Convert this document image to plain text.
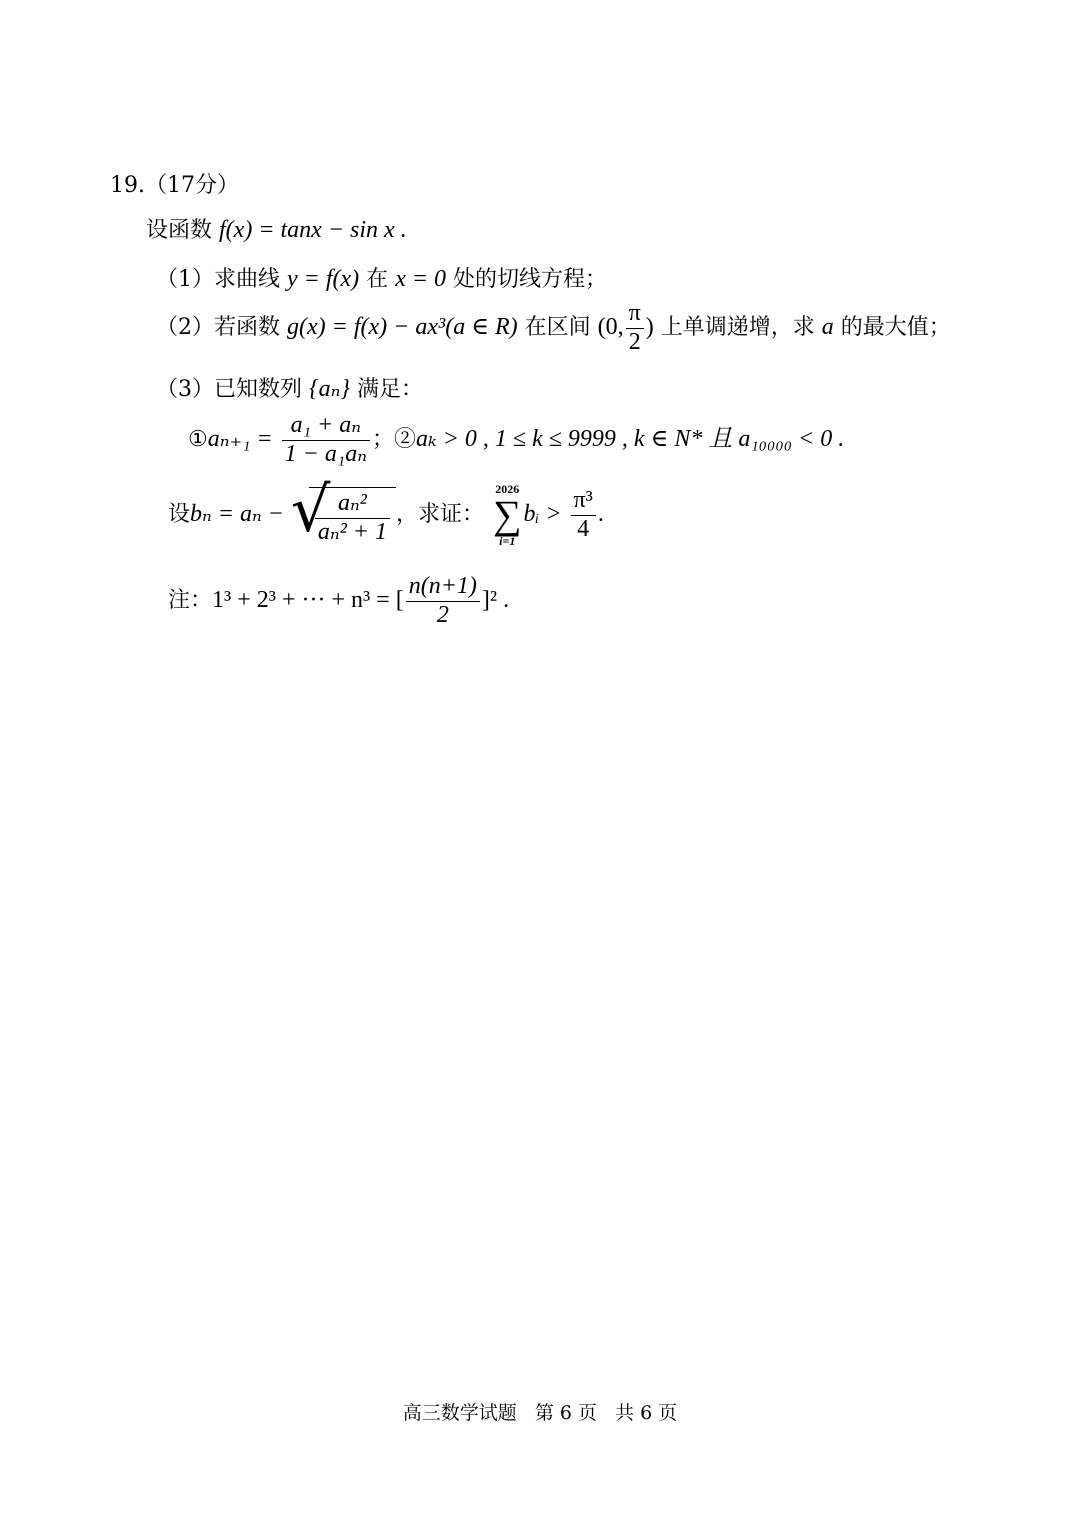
19.（17分）
设函数 f(x) = tanx − sin x .
（1）求曲线 y = f(x) 在 x = 0 处的切线方程；
（2）若函数 g(x) = f(x) − ax³(a ∈ R) 在区间 (0, $\frac{\pi}{2}$ ) 上单调递增，求 a 的最大值；
（3）已知数列 {aₙ} 满足：
①aₙ₊₁ = $\frac{\text{a₁ + aₙ}}{\text{1 − a₁aₙ}}$ ；②aₖ > 0 , 1 ≤ k ≤ 9999 , k ∈ N* 且 a₁₀₀₀₀ < 0 .
设bₙ = aₙ − √
$\frac{\text{aₙ²}}{\text{aₙ² + 1}}$ ，求证：
2026
∑
i=1
bᵢ > $\frac{\text{π³}}{4}$ .
注：1³ + 2³ + ··· + n³ = [ $\frac{n(n+1)}{2} ]^2$ .
高三数学试题 第 6 页 共 6 页
